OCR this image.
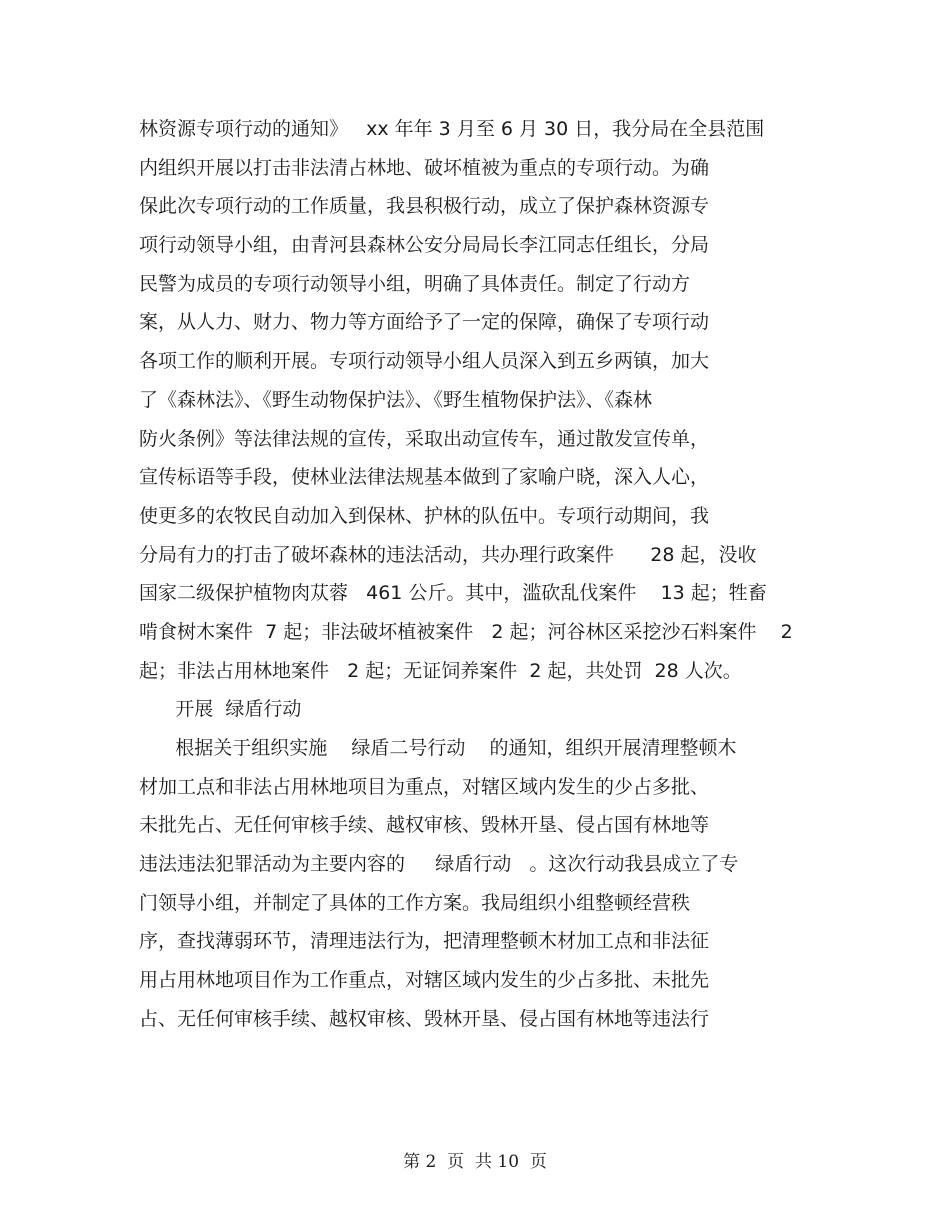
林资源专项行动的通知》   xx 年年 3 月至 6 月 30 日，我分局在全县范围
内组织开展以打击非法清占林地、破坏植被为重点的专项行动。为确
保此次专项行动的工作质量，我县积极行动，成立了保护森林资源专
项行动领导小组，由青河县森林公安分局局长李江同志任组长，分局
民警为成员的专项行动领导小组，明确了具体责任。制定了行动方
案，从人力、财力、物力等方面给予了一定的保障，确保了专项行动
各项工作的顺利开展。专项行动领导小组人员深入到五乡两镇，加大
了《森林法》、《野生动物保护法》、《野生植物保护法》、《森林
防火条例》等法律法规的宣传，采取出动宣传车，通过散发宣传单，
宣传标语等手段，使林业法律法规基本做到了家喻户晓，深入人心，
使更多的农牧民自动加入到保林、护林的队伍中。专项行动期间，我
分局有力的打击了破坏森林的违法活动，共办理行政案件      28 起，没收
国家二级保护植物肉苁蓉   461 公斤。其中，滥砍乱伐案件    13 起；牲畜
啃食树木案件  7 起；非法破坏植被案件   2 起；河谷林区采挖沙石料案件    2
起；非法占用林地案件   2 起；无证饲养案件  2 起，共处罚  28 人次。
开展  绿盾行动
根据关于组织实施    绿盾二号行动    的通知，组织开展清理整顿木
材加工点和非法占用林地项目为重点，对辖区域内发生的少占多批、
未批先占、无任何审核手续、越权审核、毁林开垦、侵占国有林地等
违法违法犯罪活动为主要内容的     绿盾行动   。这次行动我县成立了专
门领导小组，并制定了具体的工作方案。我局组织小组整顿经营秩
序，查找薄弱环节，清理违法行为，把清理整顿木材加工点和非法征
用占用林地项目作为工作重点，对辖区域内发生的少占多批、未批先
占、无任何审核手续、越权审核、毁林开垦、侵占国有林地等违法行
第 2  页  共 10  页
